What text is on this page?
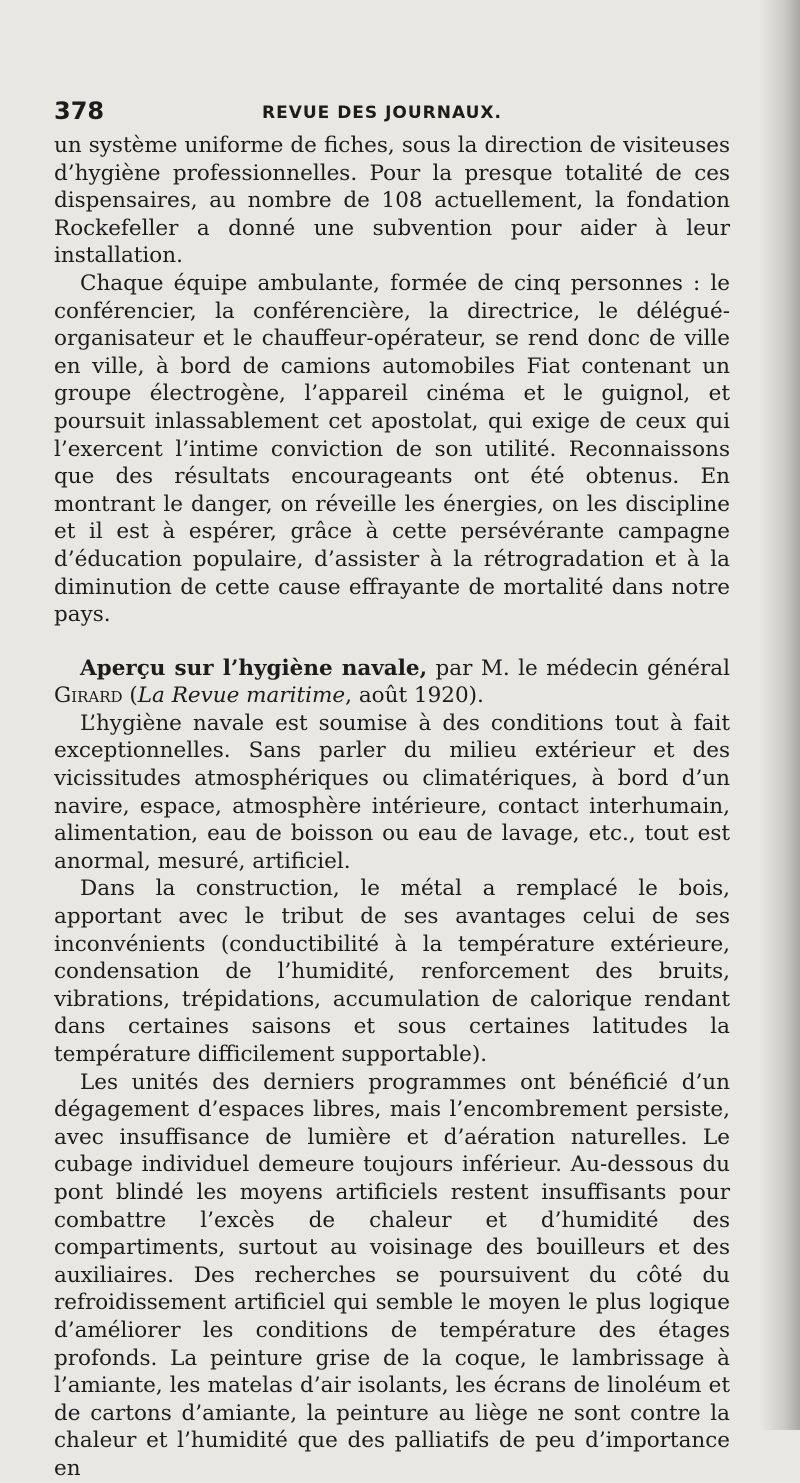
378	REVUE DES JOURNAUX.

un système uniforme de fiches, sous la direction de visiteuses d’hygiène professionnelles. Pour la presque totalité de ces dispensaires, au nombre de 108 actuellement, la fondation Rockefeller a donné une subvention pour aider à leur installation.

Chaque équipe ambulante, formée de cinq personnes : le conférencier, la conférencière, la directrice, le délégué-organisateur et le chauffeur-opérateur, se rend donc de ville en ville, à bord de camions automobiles Fiat contenant un groupe électrogène, l’appareil cinéma et le guignol, et poursuit inlassablement cet apostolat, qui exige de ceux qui l’exercent l’intime conviction de son utilité. Reconnaissons que des résultats encourageants ont été obtenus. En montrant le danger, on réveille les énergies, on les discipline et il est à espérer, grâce à cette persévérante campagne d’éducation populaire, d’assister à la rétrogradation et à la diminution de cette cause effrayante de mortalité dans notre pays.

Aperçu sur l’hygiène navale, par M. le médecin général Girard (La Revue maritime, août 1920).

L’hygiène navale est soumise à des conditions tout à fait exceptionnelles. Sans parler du milieu extérieur et des vicissitudes atmosphériques ou climatériques, à bord d’un navire, espace, atmosphère intérieure, contact interhumain, alimentation, eau de boisson ou eau de lavage, etc., tout est anormal, mesuré, artificiel.

Dans la construction, le métal a remplacé le bois, apportant avec le tribut de ses avantages celui de ses inconvénients (conductibilité à la température extérieure, condensation de l’humidité, renforcement des bruits, vibrations, trépidations, accumulation de calorique rendant dans certaines saisons et sous certaines latitudes la température difficilement supportable).

Les unités des derniers programmes ont bénéficié d’un dégagement d’espaces libres, mais l’encombrement persiste, avec insuffisance de lumière et d’aération naturelles. Le cubage individuel demeure toujours inférieur. Au-dessous du pont blindé les moyens artificiels restent insuffisants pour combattre l’excès de chaleur et d’humidité des compartiments, surtout au voisinage des bouilleurs et des auxiliaires. Des recherches se poursuivent du côté du refroidissement artificiel qui semble le moyen le plus logique d’améliorer les conditions de température des étages profonds. La peinture grise de la coque, le lambrissage à l’amiante, les matelas d’air isolants, les écrans de linoléum et de cartons d’amiante, la peinture au liège ne sont contre la chaleur et l’humidité que des palliatifs de peu d’importance en
